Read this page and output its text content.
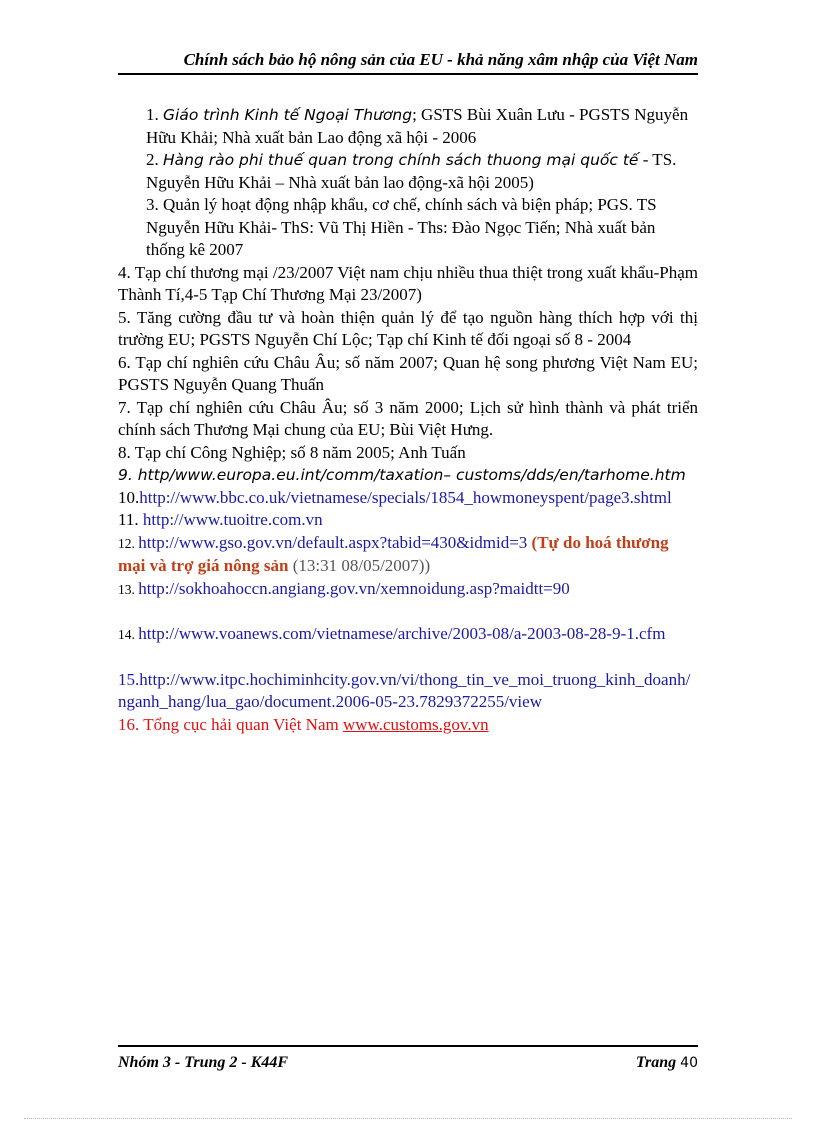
Chính sách bảo hộ nông sản của EU - khả năng xâm nhập của Việt Nam

1. Giáo trình Kinh tế Ngoại Thương; GSTS Bùi Xuân Lưu - PGSTS Nguyễn Hữu Khải; Nhà xuất bản Lao động xã hội - 2006

2. Hàng rào phi thuế quan trong chính sách thuong mại quốc tế - TS. Nguyễn Hữu Khải – Nhà xuất bản lao động-xã hội 2005)

3. Quản lý hoạt động nhập khẩu, cơ chế, chính sách và biện pháp; PGS. TS Nguyễn Hữu Khải- ThS: Vũ Thị Hiền - Ths: Đào Ngọc Tiến; Nhà xuất bản thống kê 2007

4. Tạp chí thương mại /23/2007 Việt nam chịu nhiều thua thiệt trong xuất khẩu-Phạm Thành Tí,4-5 Tạp Chí Thương Mại 23/2007)

5. Tăng cường đầu tư và hoàn thiện quản lý để tạo nguồn hàng thích hợp với thị trường EU; PGSTS Nguyễn Chí Lộc; Tạp chí Kinh tế đối ngoại số 8 - 2004

6. Tạp chí nghiên cứu Châu Âu; số năm 2007; Quan hệ song phương Việt Nam EU; PGSTS Nguyễn Quang Thuấn

7. Tạp chí nghiên cứu Châu Âu; số 3 năm 2000; Lịch sử hình thành và phát triển chính sách Thương Mại chung của EU; Bùi Việt Hưng.

8. Tạp chí Công Nghiệp; số 8 năm 2005; Anh Tuấn

9. http/www.europa.eu.int/comm/taxation– customs/dds/en/tarhome.htm

10.http://www.bbc.co.uk/vietnamese/specials/1854_howmoneyspent/page3.shtml

11. http://www.tuoitre.com.vn

12. http://www.gso.gov.vn/default.aspx?tabid=430&idmid=3 (Tự do hoá thương mại và trợ giá nông sản (13:31 08/05/2007))

13. http://sokhoahoccn.angiang.gov.vn/xemnoidung.asp?maidtt=90

14. http://www.voanews.com/vietnamese/archive/2003-08/a-2003-08-28-9-1.cfm

15.http://www.itpc.hochiminhcity.gov.vn/vi/thong_tin_ve_moi_truong_kinh_doanh/nganh_hang/lua_gao/document.2006-05-23.7829372255/view

16. Tổng cục hải quan Việt Nam www.customs.gov.vn

Nhóm 3 - Trung 2 - K44F	Trang 40
